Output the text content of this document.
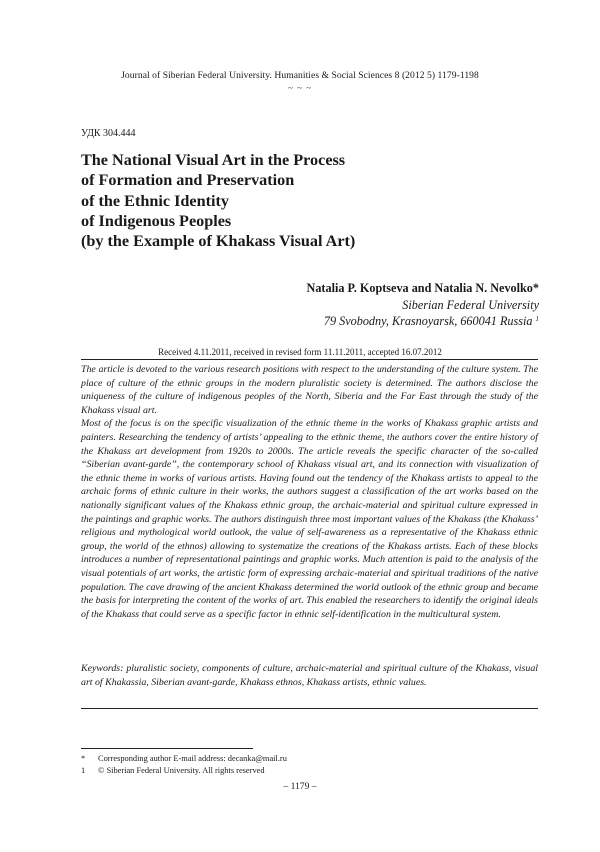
Journal of Siberian Federal University. Humanities & Social Sciences 8 (2012 5) 1179-1198
~ ~ ~
УДК 304.444
The National Visual Art in the Process
of Formation and Preservation
of the Ethnic Identity
of Indigenous Peoples
(by the Example of Khakass Visual Art)
Natalia P. Koptseva and Natalia N. Nevolko*
Siberian Federal University
79 Svobodny, Krasnoyarsk, 660041 Russia $^1$
Received 4.11.2011, received in revised form 11.11.2011, accepted 16.07.2012

The article is devoted to the various research positions with respect to the understanding of the culture system. The place of culture of the ethnic groups in the modern pluralistic society is determined. The authors disclose the uniqueness of the culture of indigenous peoples of the North, Siberia and the Far East through the study of the Khakass visual art.

Most of the focus is on the specific visualization of the ethnic theme in the works of Khakass graphic artists and painters. Researching the tendency of artists’ appealing to the ethnic theme, the authors cover the entire history of the Khakass art development from 1920s to 2000s. The article reveals the specific character of the so-called “Siberian avant-garde”, the contemporary school of Khakass visual art, and its connection with visualization of the ethnic theme in works of various artists. Having found out the tendency of the Khakass artists to appeal to the archaic forms of ethnic culture in their works, the authors suggest a classification of the art works based on the nationally significant values of the Khakass ethnic group, the archaic-material and spiritual culture expressed in the paintings and graphic works. The authors distinguish three most important values of the Khakass (the Khakass’ religious and mythological world outlook, the value of self-awareness as a representative of the Khakass ethnic group, the world of the ethnos) allowing to systematize the creations of the Khakass artists. Each of these blocks introduces a number of representational paintings and graphic works. Much attention is paid to the analysis of the visual potentials of art works, the artistic form of expressing archaic-material and spiritual traditions of the native population. The cave drawing of the ancient Khakass determined the world outlook of the ethnic group and became the basis for interpreting the content of the works of art. This enabled the researchers to identify the original ideals of the Khakass that could serve as a specific factor in ethnic self-identification in the multicultural system.

Keywords: pluralistic society, components of culture, archaic-material and spiritual culture of the Khakass, visual art of Khakassia, Siberian avant-garde, Khakass ethnos, Khakass artists, ethnic values.

* Corresponding author E-mail address: decanka@mail.ru
1 © Siberian Federal University. All rights reserved
– 1179 –
